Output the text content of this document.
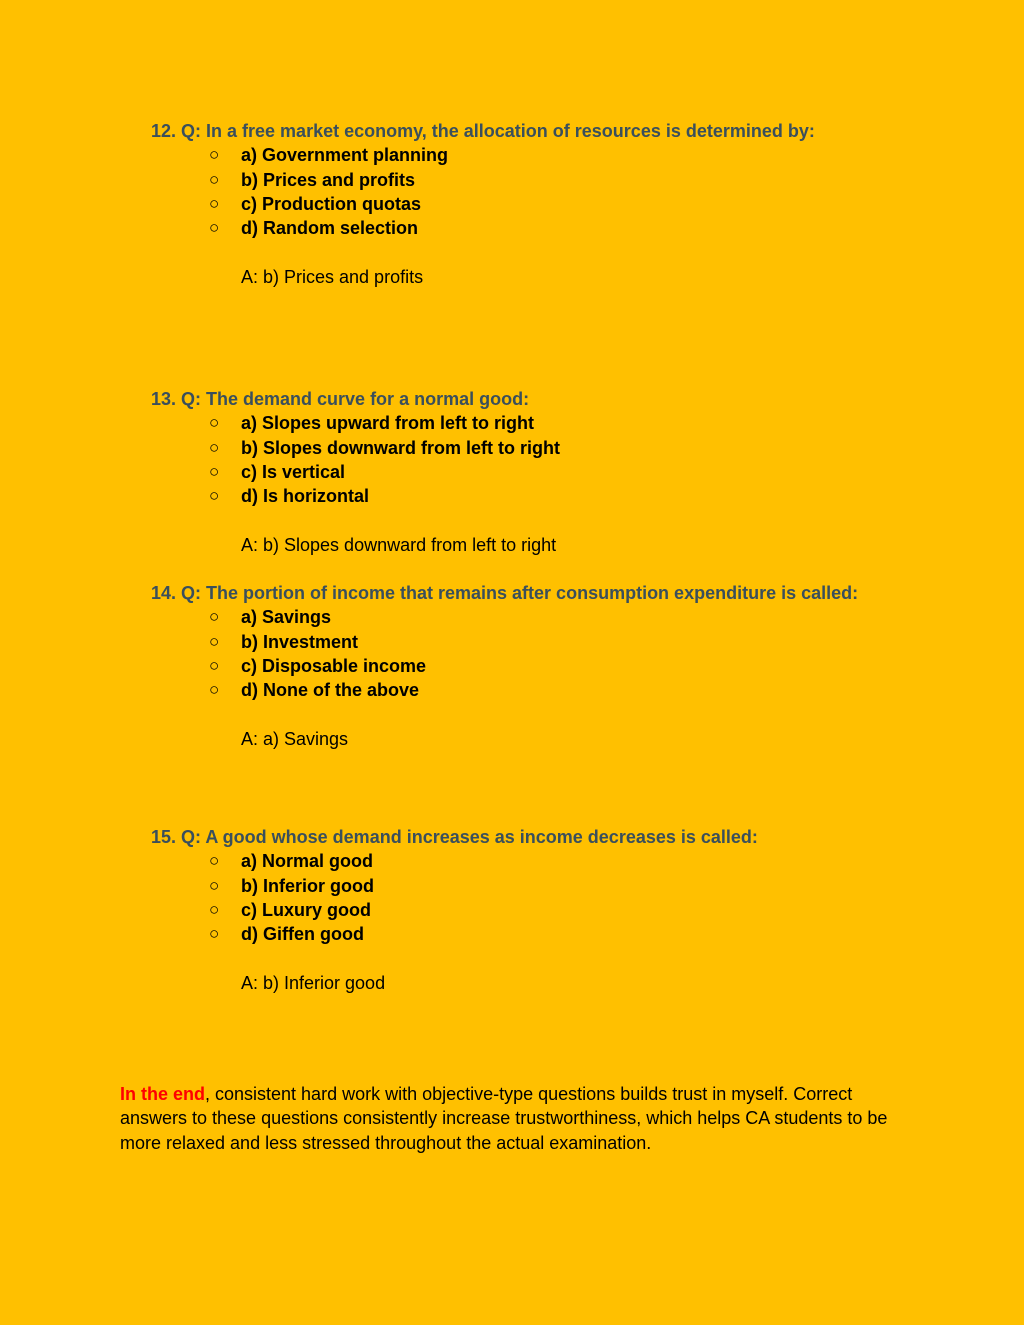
12. Q: In a free market economy, the allocation of resources is determined by:
○ a) Government planning
○ b) Prices and profits
○ c) Production quotas
○ d) Random selection
A: b) Prices and profits
13. Q: The demand curve for a normal good:
○ a) Slopes upward from left to right
○ b) Slopes downward from left to right
○ c) Is vertical
○ d) Is horizontal
A: b) Slopes downward from left to right
14. Q: The portion of income that remains after consumption expenditure is called:
○ a) Savings
○ b) Investment
○ c) Disposable income
○ d) None of the above
A: a) Savings
15. Q: A good whose demand increases as income decreases is called:
○ a) Normal good
○ b) Inferior good
○ c) Luxury good
○ d) Giffen good
A: b) Inferior good

In the end, consistent hard work with objective-type questions builds trust in myself. Correct answers to these questions consistently increase trustworthiness, which helps CA students to be more relaxed and less stressed throughout the actual examination.
